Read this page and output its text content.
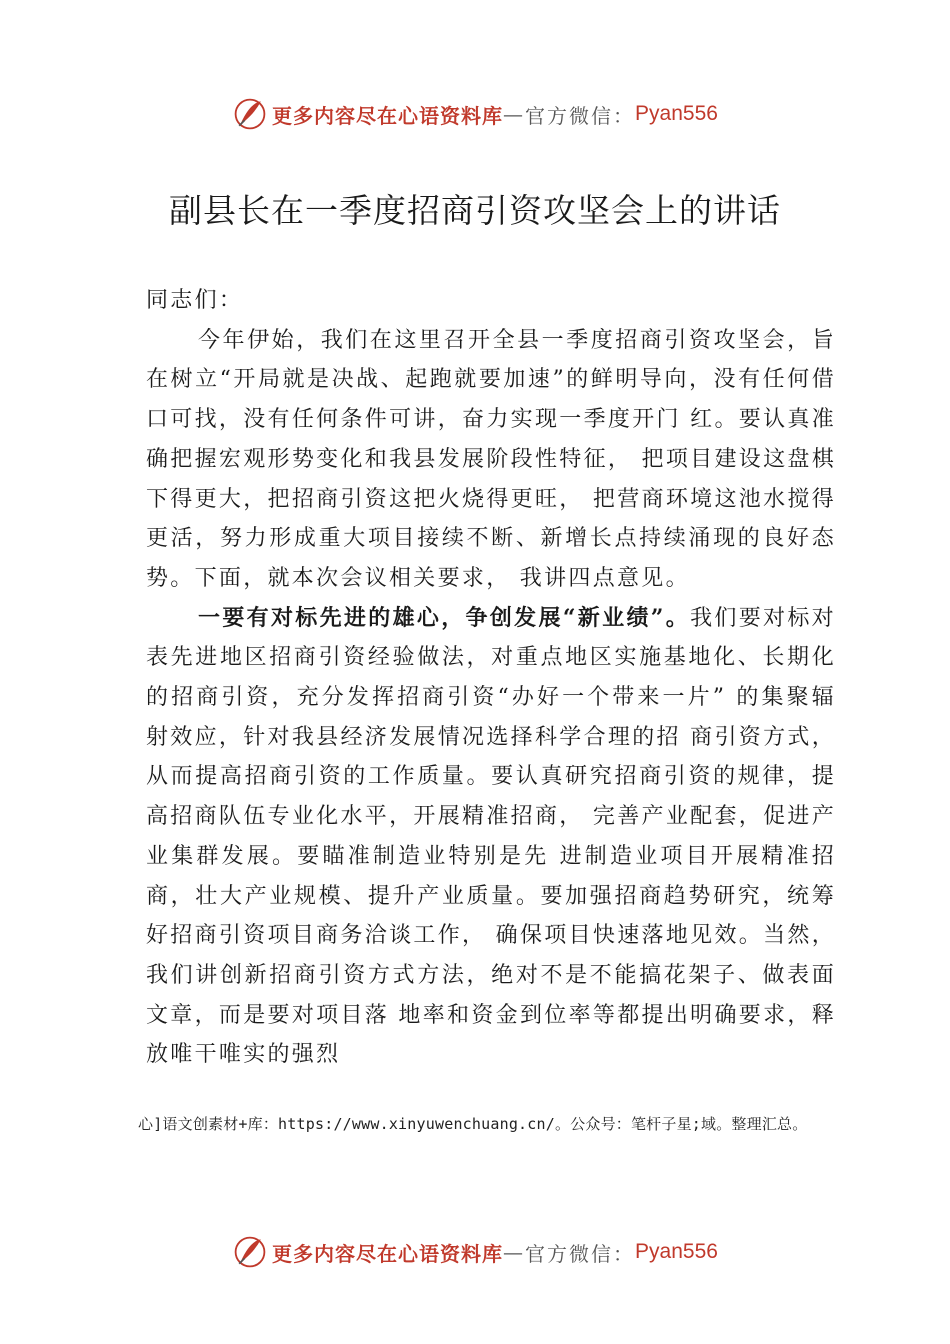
更多内容尽在心语资料库 — 官方微信： Pyan556
副县长在一季度招商引资攻坚会上的讲话

同志们：

今年伊始，我们在这里召开全县一季度招商引资攻坚会，旨在树立“开局就是决战、起跑就要加速”的鲜明导向，没有任何借口可找，没有任何条件可讲，奋力实现一季度开门 红。要认真准确把握宏观形势变化和我县发展阶段性特征， 把项目建设这盘棋下得更大，把招商引资这把火烧得更旺， 把营商环境这池水搅得更活，努力形成重大项目接续不断、新增长点持续涌现的良好态势。下面，就本次会议相关要求， 我讲四点意见。

一要有对标先进的雄心，争创发展“新业绩”。我们要对标对表先进地区招商引资经验做法，对重点地区实施基地化、长期化的招商引资，充分发挥招商引资“办好一个带来一片” 的集聚辐射效应，针对我县经济发展情况选择科学合理的招 商引资方式，从而提高招商引资的工作质量。要认真研究招商引资的规律，提高招商队伍专业化水平，开展精准招商， 完善产业配套，促进产业集群发展。要瞄准制造业特别是先 进制造业项目开展精准招商，壮大产业规模、提升产业质量。要加强招商趋势研究，统筹好招商引资项目商务洽谈工作， 确保项目快速落地见效。当然，我们讲创新招商引资方式方法，绝对不是不能搞花架子、做表面文章，而是要对项目落 地率和资金到位率等都提出明确要求，释放唯干唯实的强烈

心]语文创素材+库：https://www.xinyuwenchuang.cn/。公众号：笔杆子星;域。整理汇总。
更多内容尽在心语资料库 — 官方微信： Pyan556
